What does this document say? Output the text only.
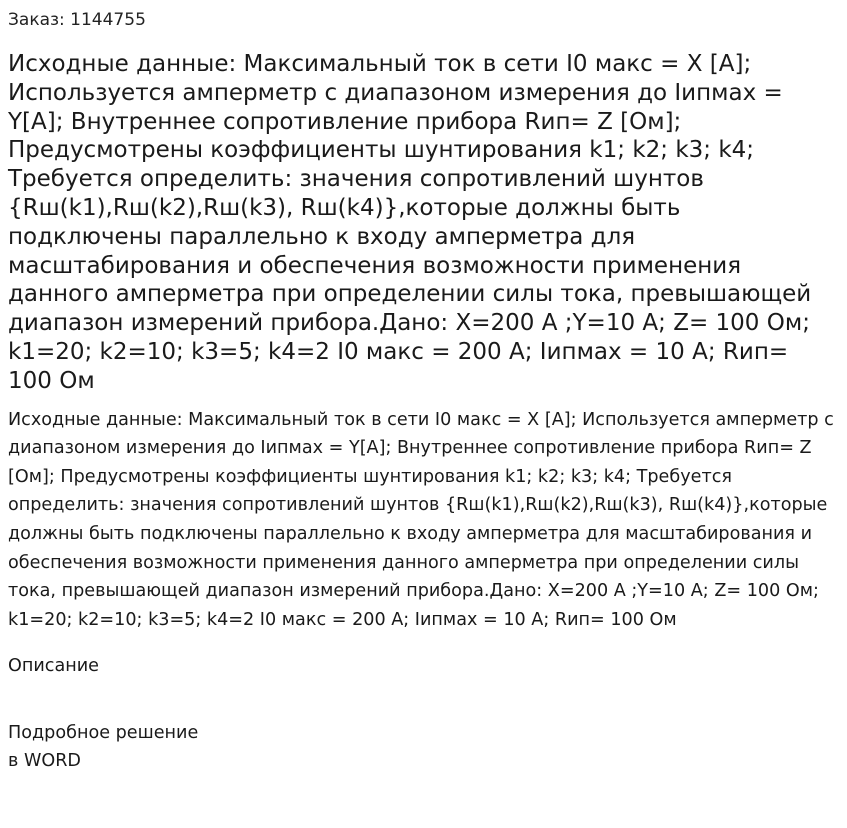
Заказ: 1144755
Исходные данные: Максимальный ток в сети I0 макс = X [A]; Используется амперметр с диапазоном измерения до Iипмах = Y[A]; Внутреннее сопротивление прибора Rип= Z [Ом]; Предусмотрены коэффициенты шунтирования k1; k2; k3; k4; Требуется определить: значения сопротивлений шунтов {Rш(k1),Rш(k2),Rш(k3), Rш(k4)},которые должны быть подключены параллельно к входу амперметра для масштабирования и обеспечения возможности применения данного амперметра при определении силы тока, превышающей диапазон измерений прибора.Дано: X=200 А ;Y=10 А; Z= 100 Ом; k1=20; k2=10; k3=5; k4=2 I0 макс = 200 А; Iипмах = 10 А; Rип= 100 Ом
Исходные данные: Максимальный ток в сети I0 макс = X [A]; Используется амперметр с диапазоном измерения до Iипмах = Y[A]; Внутреннее сопротивление прибора Rип= Z [Ом]; Предусмотрены коэффициенты шунтирования k1; k2; k3; k4; Требуется определить: значения сопротивлений шунтов {Rш(k1),Rш(k2),Rш(k3), Rш(k4)},которые должны быть подключены параллельно к входу амперметра для масштабирования и обеспечения возможности применения данного амперметра при определении силы тока, превышающей диапазон измерений прибора.Дано: X=200 А ;Y=10 А; Z= 100 Ом; k1=20; k2=10; k3=5; k4=2 I0 макс = 200 А; Iипмах = 10 А; Rип= 100 Ом
Описание
Подробное решение в WORD
